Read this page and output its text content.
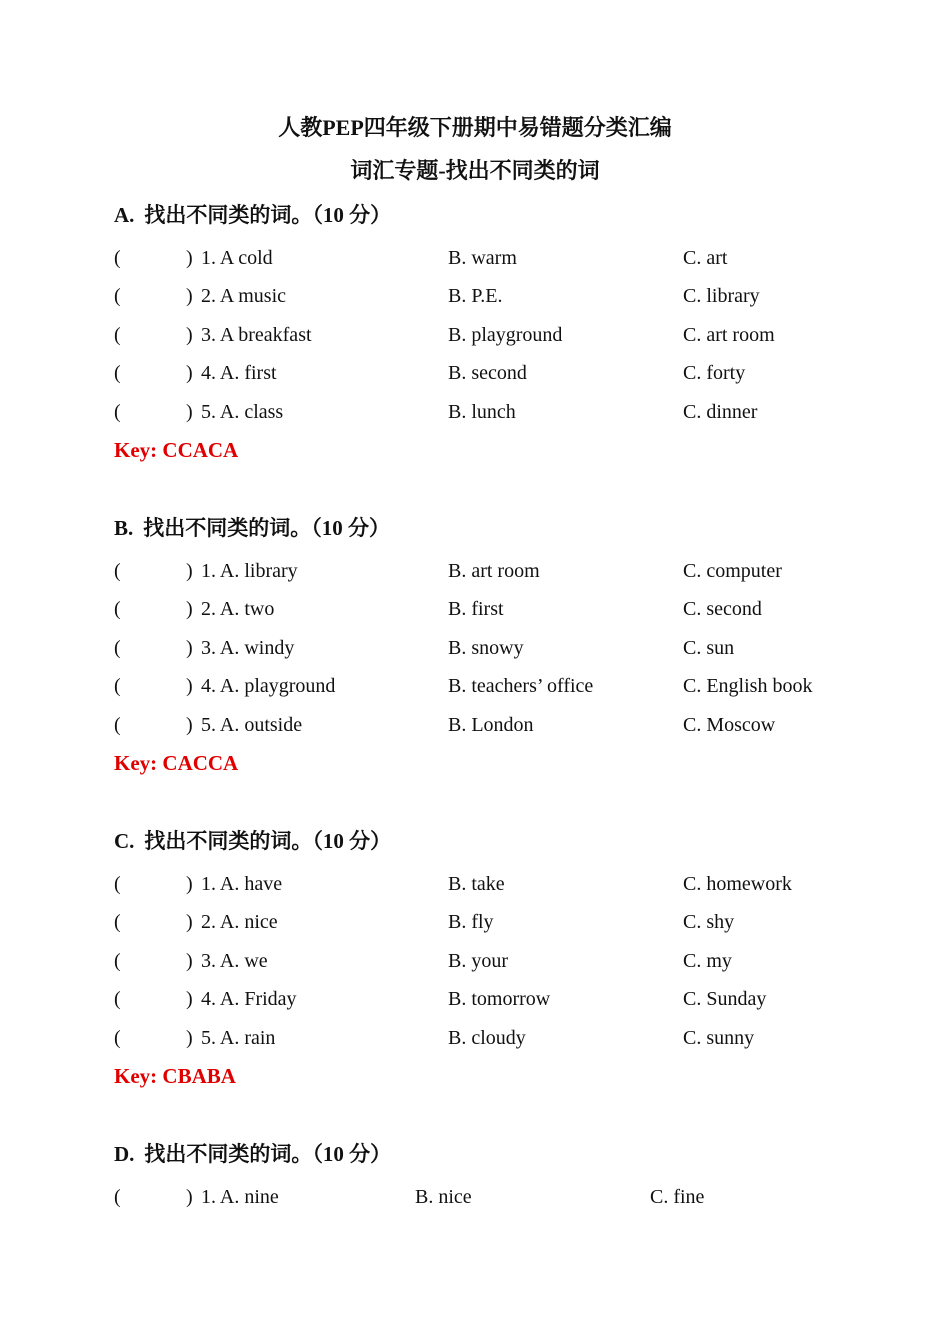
人教PEP四年级下册期中易错题分类汇编
词汇专题-找出不同类的词
A. 找出不同类的词。（10 分）
(	) 1. A cold	B. warm	C. art
(	) 2. A music	B. P.E.	C. library
(	) 3. A breakfast	B. playground	C. art room
(	) 4. A. first	B. second	C. forty
(	) 5. A. class	B. lunch	C. dinner
Key: CCACA
B. 找出不同类的词。（10 分）
(	) 1. A. library	B. art room	C. computer
(	) 2. A. two	B. first	C. second
(	) 3. A. windy	B. snowy	C. sun
(	) 4. A. playground	B. teachers’ office	C. English book
(	) 5. A. outside	B. London	C. Moscow
Key: CACCA
C. 找出不同类的词。（10 分）
(	) 1. A. have	B. take	C. homework
(	) 2. A. nice	B. fly	C. shy
(	) 3. A. we	B. your	C. my
(	) 4. A. Friday	B. tomorrow	C. Sunday
(	) 5. A. rain	B. cloudy	C. sunny
Key: CBABA
D. 找出不同类的词。（10 分）
(	) 1. A. nine	B. nice	C. fine
